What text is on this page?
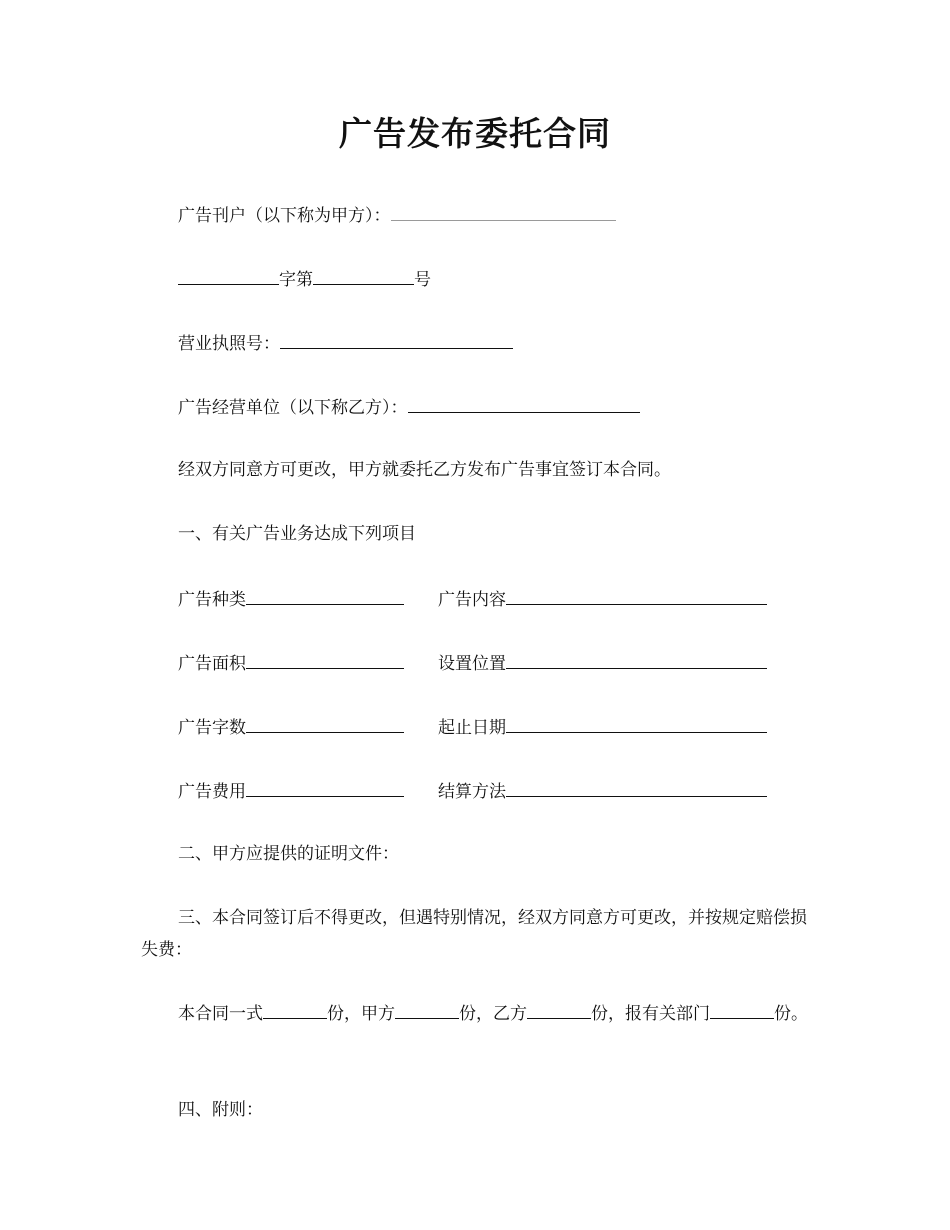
广告发布委托合同
广告刊户（以下称为甲方）：
字第	号
营业执照号：
广告经营单位（以下称乙方）：
经双方同意方可更改，甲方就委托乙方发布广告事宜签订本合同。
一、有关广告业务达成下列项目
广告种类	广告内容
广告面积	设置位置
广告字数	起止日期
广告费用	结算方法
二、甲方应提供的证明文件：
三、本合同签订后不得更改，但遇特别情况，经双方同意方可更改，并按规定赔偿损失费：
本合同一式	份，甲方	份，乙方	份，报有关部门	份。
四、附则：
